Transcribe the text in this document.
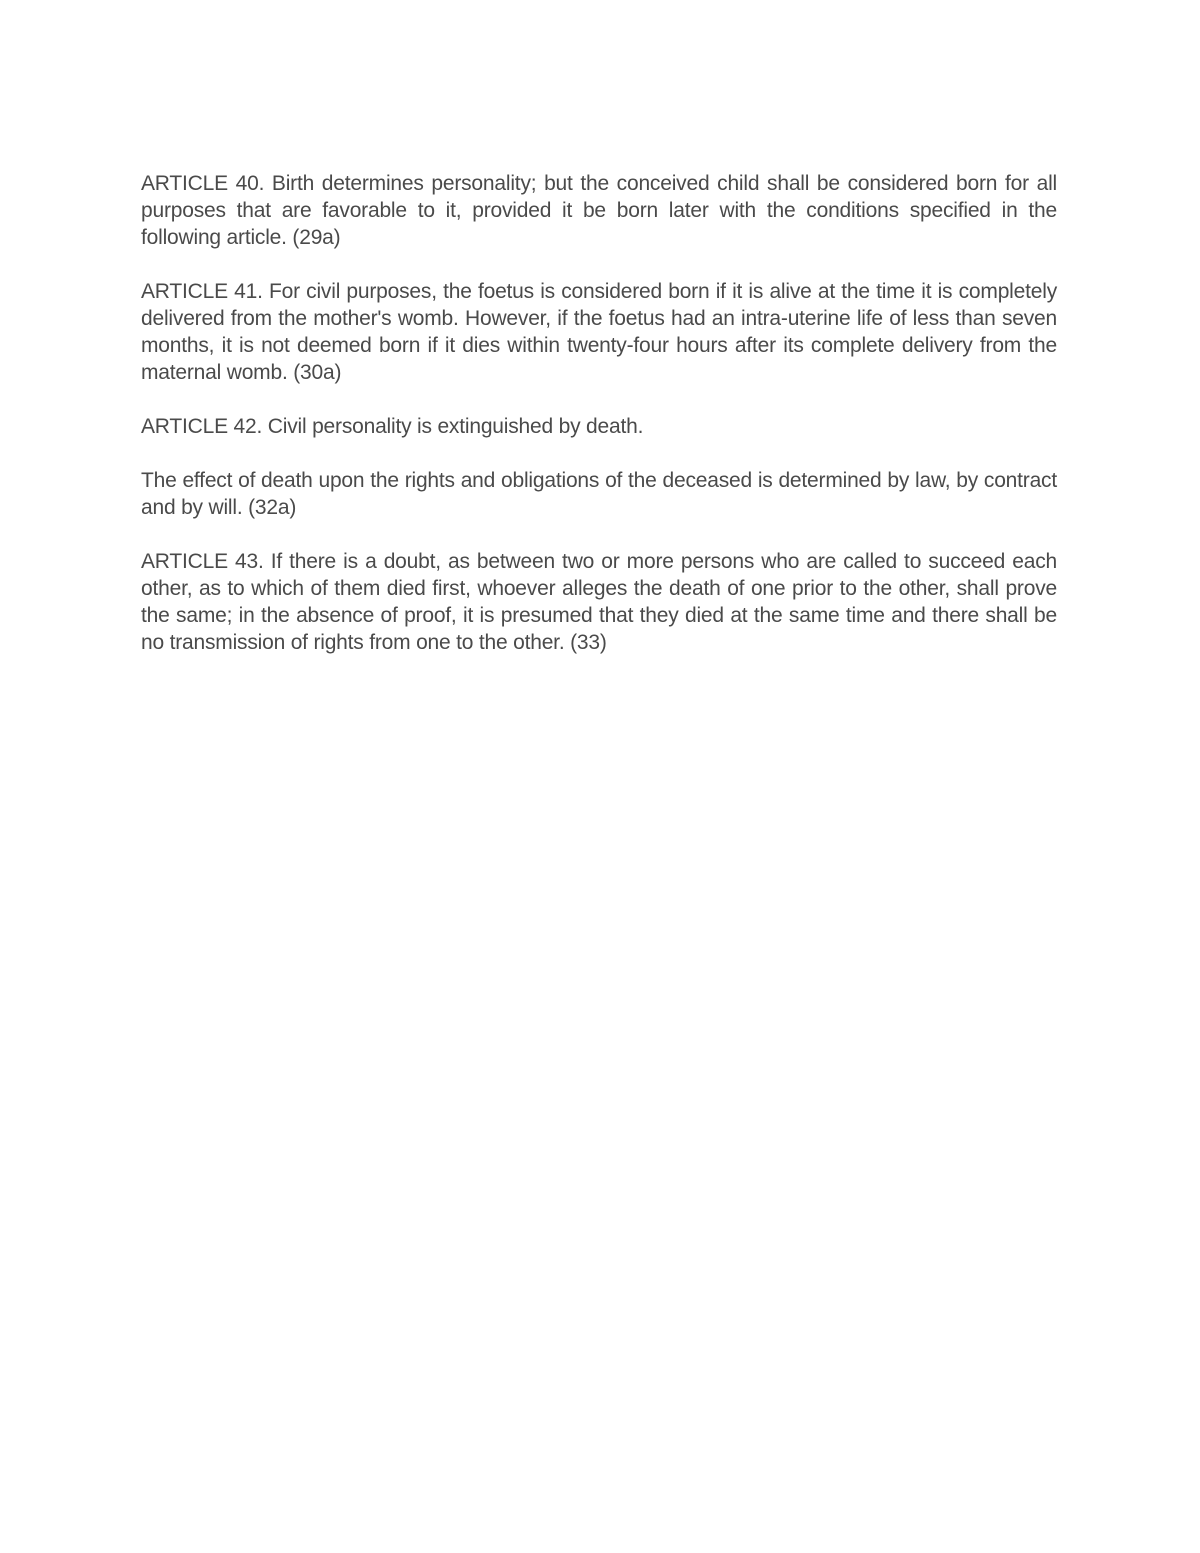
ARTICLE 40. Birth determines personality; but the conceived child shall be considered born for all purposes that are favorable to it, provided it be born later with the conditions specified in the following article. (29a)

ARTICLE 41. For civil purposes, the foetus is considered born if it is alive at the time it is completely delivered from the mother's womb. However, if the foetus had an intra-uterine life of less than seven months, it is not deemed born if it dies within twenty-four hours after its complete delivery from the maternal womb. (30a)

ARTICLE 42. Civil personality is extinguished by death.

The effect of death upon the rights and obligations of the deceased is determined by law, by contract and by will. (32a)

ARTICLE 43. If there is a doubt, as between two or more persons who are called to succeed each other, as to which of them died first, whoever alleges the death of one prior to the other, shall prove the same; in the absence of proof, it is presumed that they died at the same time and there shall be no transmission of rights from one to the other. (33)
